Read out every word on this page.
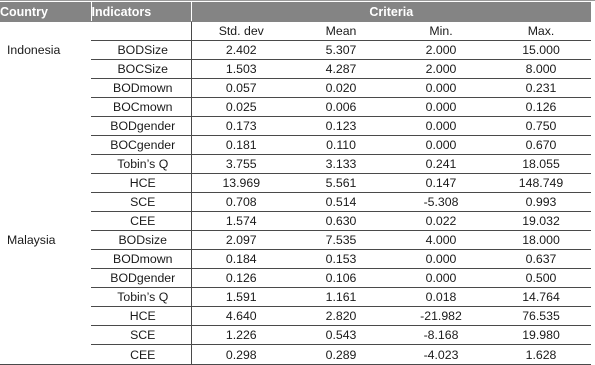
Country	Indicators	Criteria			
		Std. dev	Mean	Min.	Max.
Indonesia	BODSize	2.402	5.307	2.000	15.000
	BOCSize	1.503	4.287	2.000	8.000
	BODmown	0.057	0.020	0.000	0.231
	BOCmown	0.025	0.006	0.000	0.126
	BODgender	0.173	0.123	0.000	0.750
	BOCgender	0.181	0.110	0.000	0.670
	Tobin’s Q	3.755	3.133	0.241	18.055
	HCE	13.969	5.561	0.147	148.749
	SCE	0.708	0.514	-5.308	0.993
	CEE	1.574	0.630	0.022	19.032
Malaysia	BODsize	2.097	7.535	4.000	18.000
	BODmown	0.184	0.153	0.000	0.637
	BODgender	0.126	0.106	0.000	0.500
	Tobin’s Q	1.591	1.161	0.018	14.764
	HCE	4.640	2.820	-21.982	76.535
	SCE	1.226	0.543	-8.168	19.980
	CEE	0.298	0.289	-4.023	1.628
